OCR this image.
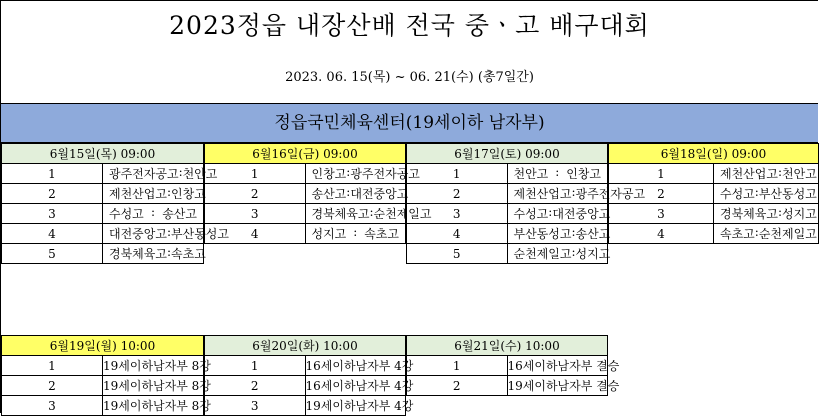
2023정읍 내장산배 전국 중ㆍ고 배구대회
2023. 06. 15(목) ~ 06. 21(수) (총7일간)
정읍국민체육센터(19세이하 남자부)
6월15일(목) 09:00	
1	광주전자공고 : 천안고

2	제천산업고 : 인창고

3	수성고 : 송산고

4	대전중앙고 : 부산동성고

5	경북체육고 : 속초고
6월16일(금) 09:00	
1	인창고 : 광주전자공고

2	송산고 : 대전중앙고

3	경북체육고 : 순천제일고

4	성지고 : 속초고
6월17일(토) 09:00	
1	천안고 : 인창고

2	제천산업고 : 광주전자공고

3	수성고 : 대전중앙고

4	부산동성고 : 송산고

5	순천제일고 : 성지고
6월18일(일) 09:00	
1	제천산업고 : 천안고

2	수성고 : 부산동성고

3	경북체육고 : 성지고

4	속초고 : 순천제일고
6월19일(월) 10:00	
1	19세이하남자부 8강
2	19세이하남자부 8강
3	19세이하남자부 8강
6월20일(화) 10:00	
1	16세이하남자부 4강
2	16세이하남자부 4강
3	19세이하남자부 4강
6월21일(수) 10:00	
1	16세이하남자부 결승
2	19세이하남자부 결승
